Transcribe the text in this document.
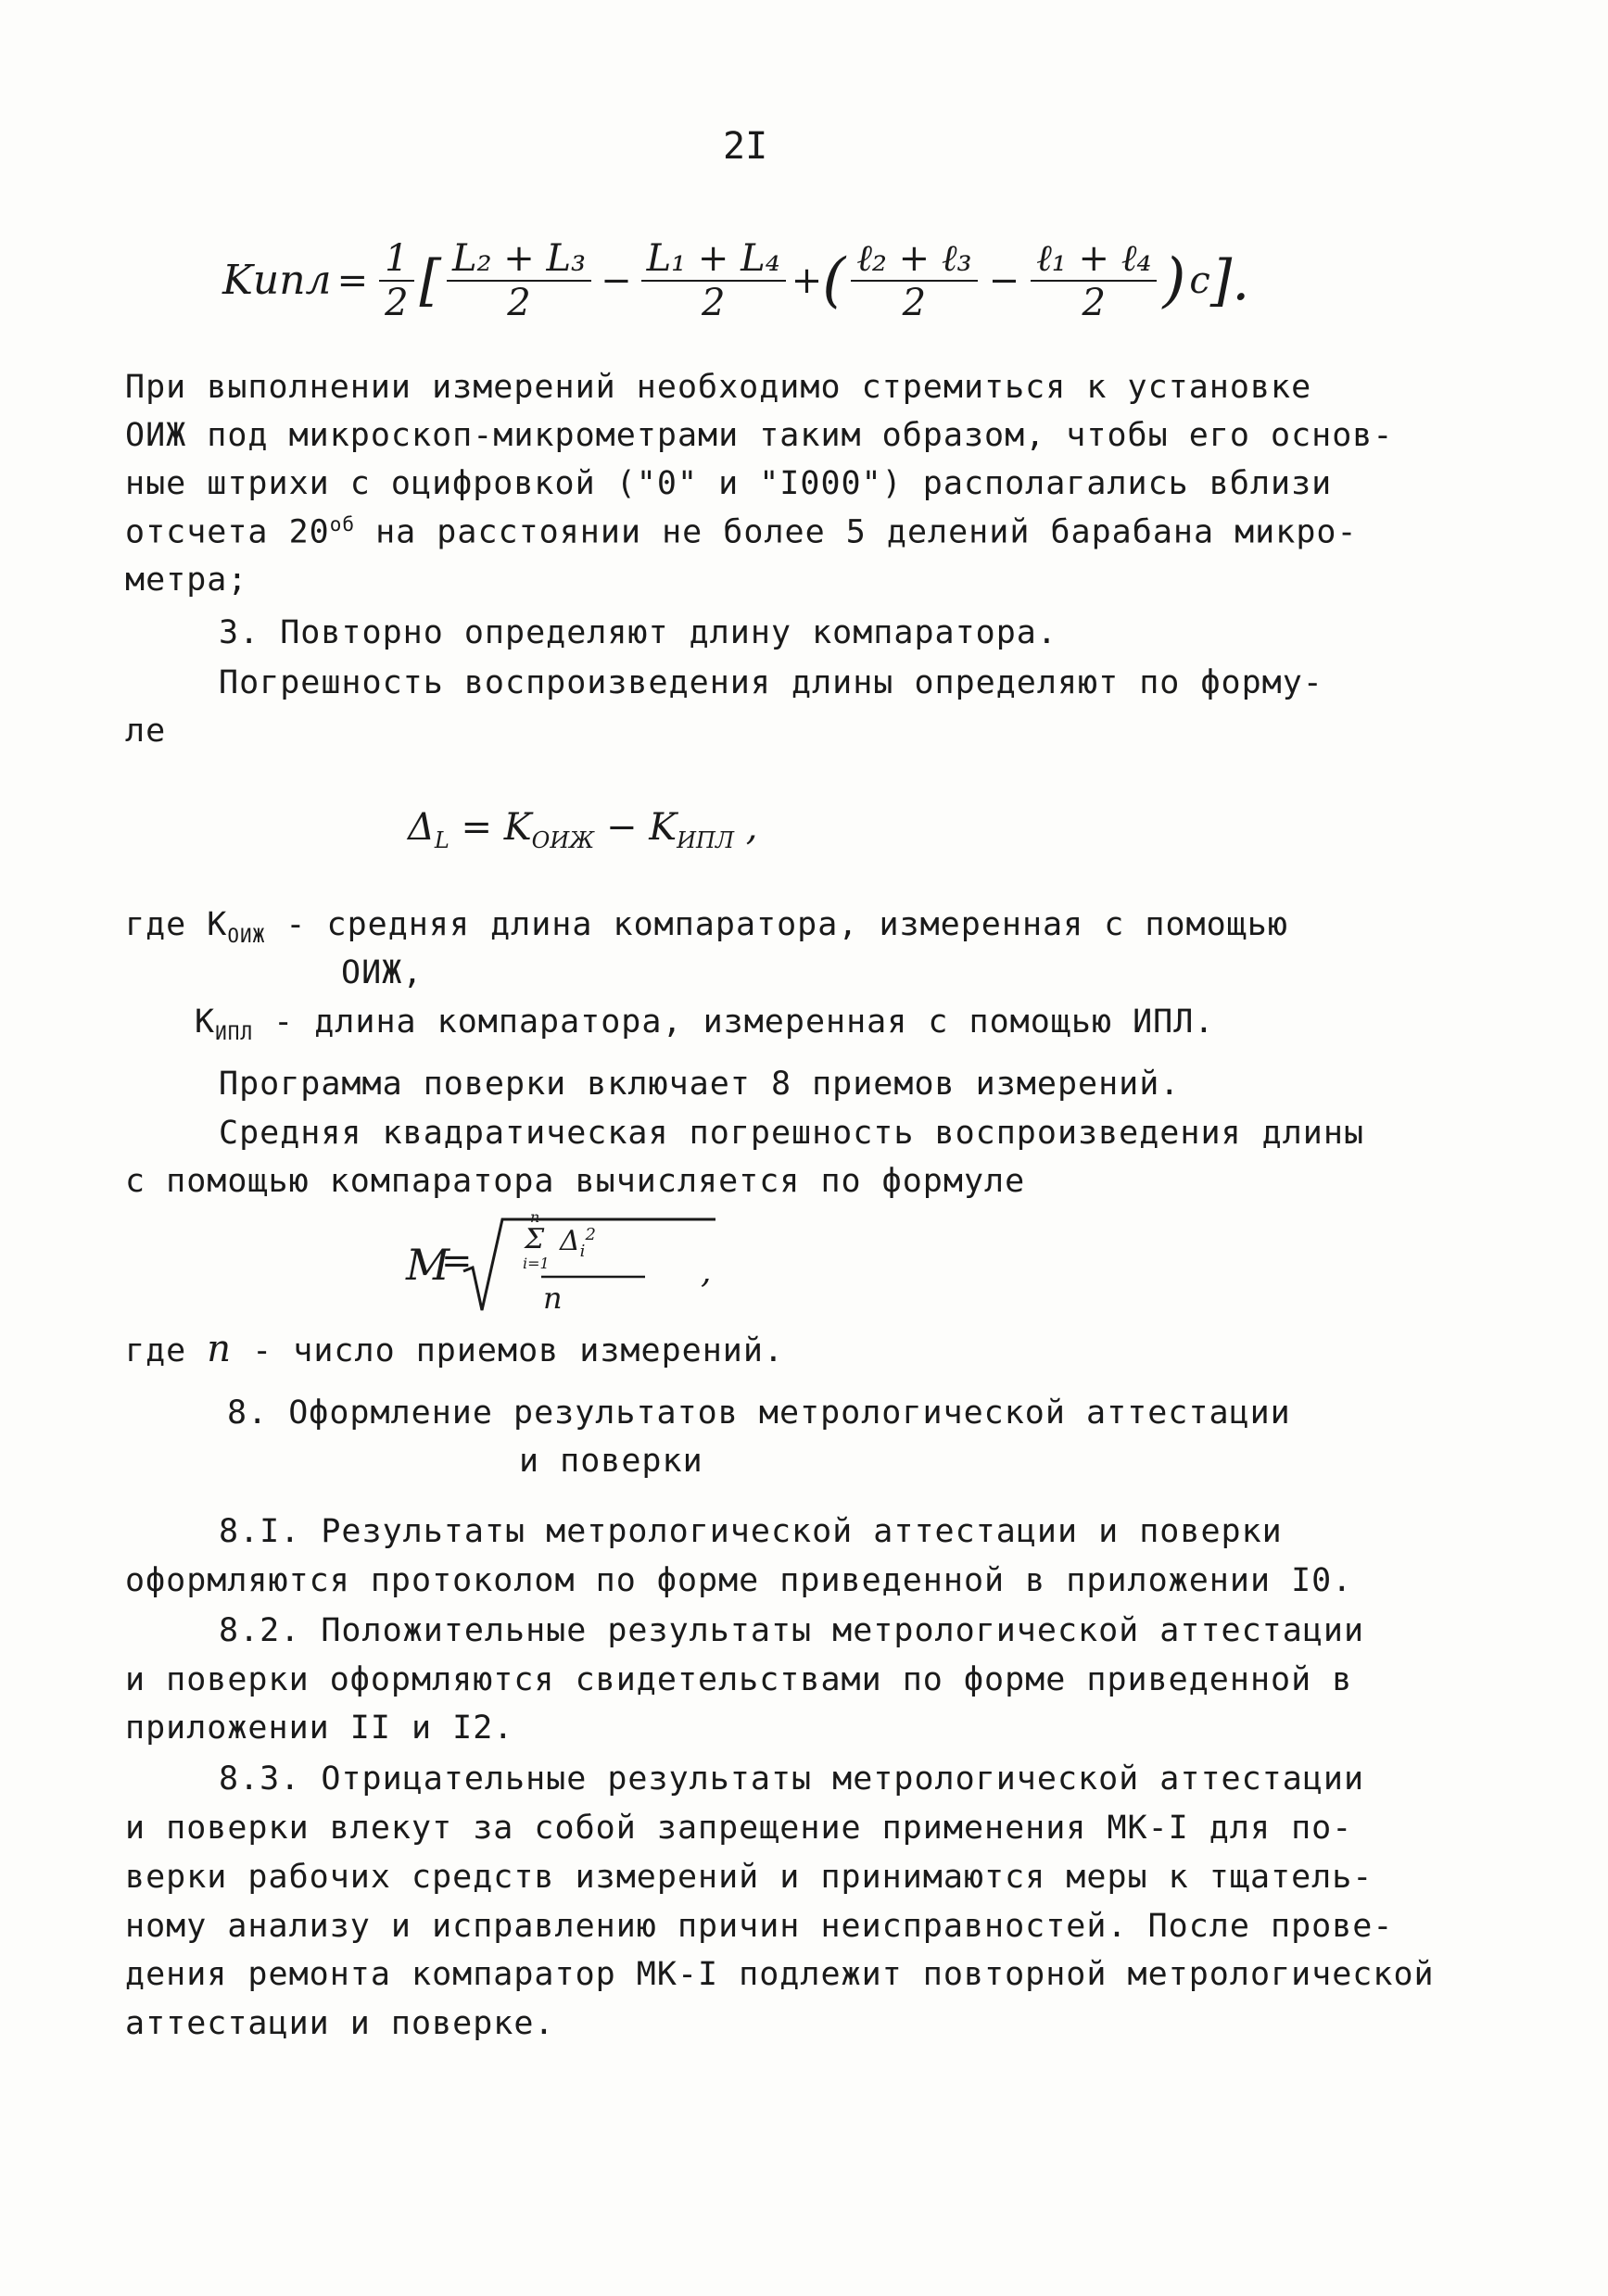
2I
Kипл = $\frac{1}{2}$ [ $\frac{\text{L₂ + L₃}}{2} - \frac{\text{L₁ + L₄}}{2}$ + ( $\frac{\text{ℓ₂ + ℓ₃}}{2} - \frac{\text{ℓ₁ + ℓ₄}}{2}$ ) c ].
При выполнении измерений необходимо стремиться к установке
ОИЖ под микроскоп-микрометрами таким образом, чтобы его основ-
ные штрихи с оцифровкой ("0" и "I000") располагались вблизи
отсчета $20^{об}$ на расстоянии не более 5 делений барабана микро-
метра;
3. Повторно определяют длину компаратора.
Погрешность воспроизведения длины определяют по форму-
ле
$\Delta_L = K_{ОИЖ} - K_{ИПЛ}$ ,
где $K_{ОИЖ}$ - средняя длина компаратора, измеренная с помощью
ОИЖ,
$K_{ИПЛ}$ - длина компаратора, измеренная с помощью ИПЛ.
Программа поверки включает 8 приемов измерений.
Средняя квадратическая погрешность воспроизведения длины
с помощью компаратора вычисляется по формуле
M
=
Σ
n
i=1
$\Delta_i^2$
n
,
где n - число приемов измерений.
8. Оформление результатов метрологической аттестации
и поверки
8.I. Результаты метрологической аттестации и поверки
оформляются протоколом по форме приведенной в приложении I0.
8.2. Положительные результаты метрологической аттестации
и поверки оформляются свидетельствами по форме приведенной в
приложении II и I2.
8.3. Отрицательные результаты метрологической аттестации
и поверки влекут за собой запрещение применения МК-I для по-
верки рабочих средств измерений и принимаются меры к тщатель-
ному анализу и исправлению причин неисправностей. После прове-
дения ремонта компаратор МК-I подлежит повторной метрологической
аттестации и поверке.
